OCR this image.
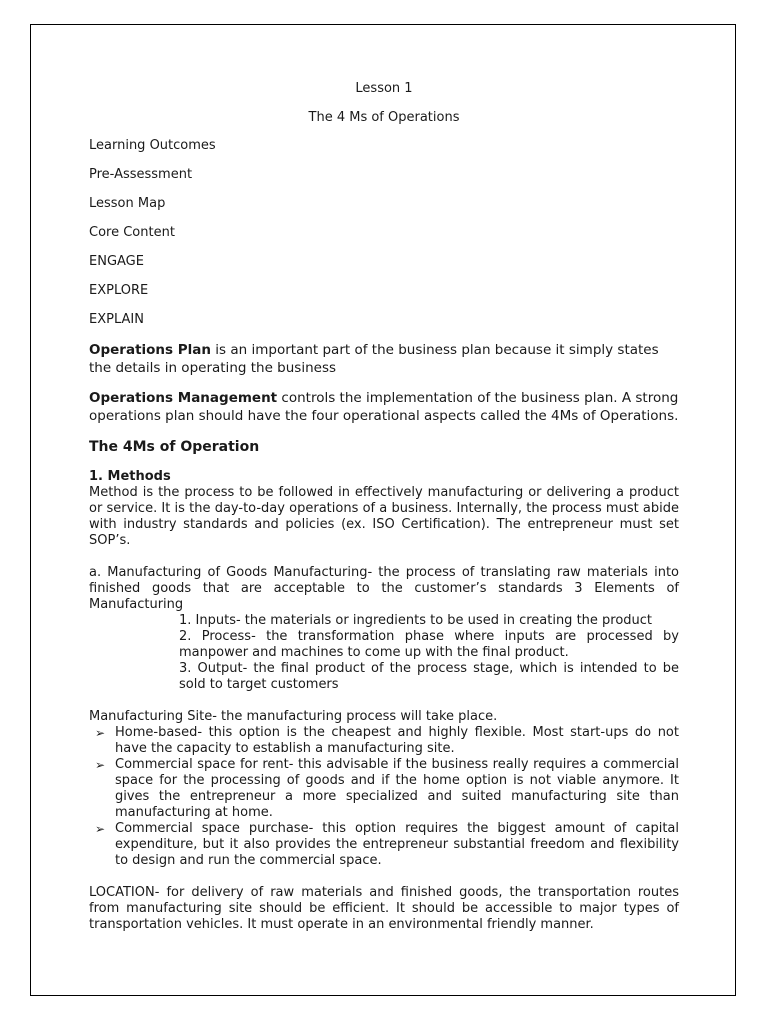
Lesson 1

The 4 Ms of Operations

Learning Outcomes

Pre-Assessment

Lesson Map

Core Content

ENGAGE

EXPLORE

EXPLAIN

Operations Plan is an important part of the business plan because it simply states the details in operating the business

Operations Management controls the implementation of the business plan. A strong operations plan should have the four operational aspects called the 4Ms of Operations.

The 4Ms of Operation

1. Methods

Method is the process to be followed in effectively manufacturing or delivering a product or service. It is the day-to-day operations of a business. Internally, the process must abide with industry standards and policies (ex. ISO Certification). The entrepreneur must set SOP’s.

a. Manufacturing of Goods Manufacturing- the process of translating raw materials into finished goods that are acceptable to the customer’s standards 3 Elements of Manufacturing

1. Inputs- the materials or ingredients to be used in creating the product

2. Process- the transformation phase where inputs are processed by manpower and machines to come up with the final product.

3. Output- the final product of the process stage, which is intended to be sold to target customers

Manufacturing Site- the manufacturing process will take place.

➢ Home-based- this option is the cheapest and highly flexible. Most start-ups do not have the capacity to establish a manufacturing site.
➢ Commercial space for rent- this advisable if the business really requires a commercial space for the processing of goods and if the home option is not viable anymore. It gives the entrepreneur a more specialized and suited manufacturing site than manufacturing at home.
➢ Commercial space purchase- this option requires the biggest amount of capital expenditure, but it also provides the entrepreneur substantial freedom and flexibility to design and run the commercial space.

LOCATION- for delivery of raw materials and finished goods, the transportation routes from manufacturing site should be efficient. It should be accessible to major types of transportation vehicles. It must operate in an environmental friendly manner.
